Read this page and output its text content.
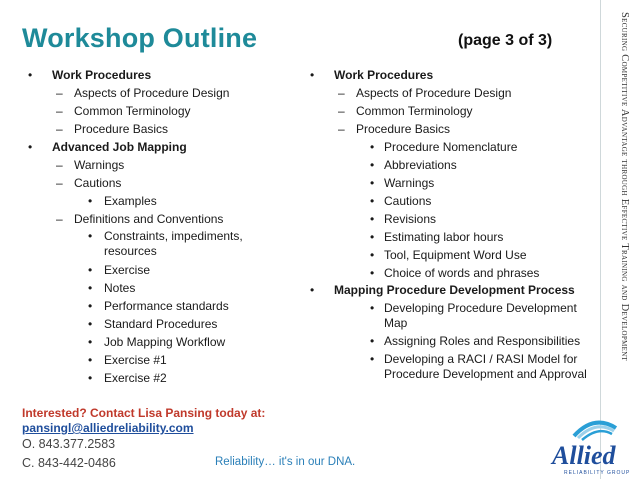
Workshop Outline	(page 3 of 3)	Securing Competitive Advantage through Effective Training and Development
• Work Procedures
– Aspects of Procedure Design
– Common Terminology
– Procedure Basics
• Advanced Job Mapping
– Warnings
– Cautions
• Examples
– Definitions and Conventions
• Constraints, impediments, resources
• Exercise
• Notes
• Performance standards
• Standard Procedures
• Job Mapping Workflow
• Exercise #1
• Exercise #2
• Work Procedures
– Aspects of Procedure Design
– Common Terminology
– Procedure Basics
• Procedure Nomenclature
• Abbreviations
• Warnings
• Cautions
• Revisions
• Estimating labor hours
• Tool, Equipment Word Use
• Choice of words and phrases
• Mapping Procedure Development Process
• Developing Procedure Development Map
• Assigning Roles and Responsibilities
• Developing a RACI / RASI Model for Procedure Development and Approval
Interested? Contact Lisa Pansing today at:
pansingl@alliedreliability.com
O. 843.377.2583
C. 843-442-0486	Reliability… it's in our DNA.	Allied
RELIABILITY GROUP
